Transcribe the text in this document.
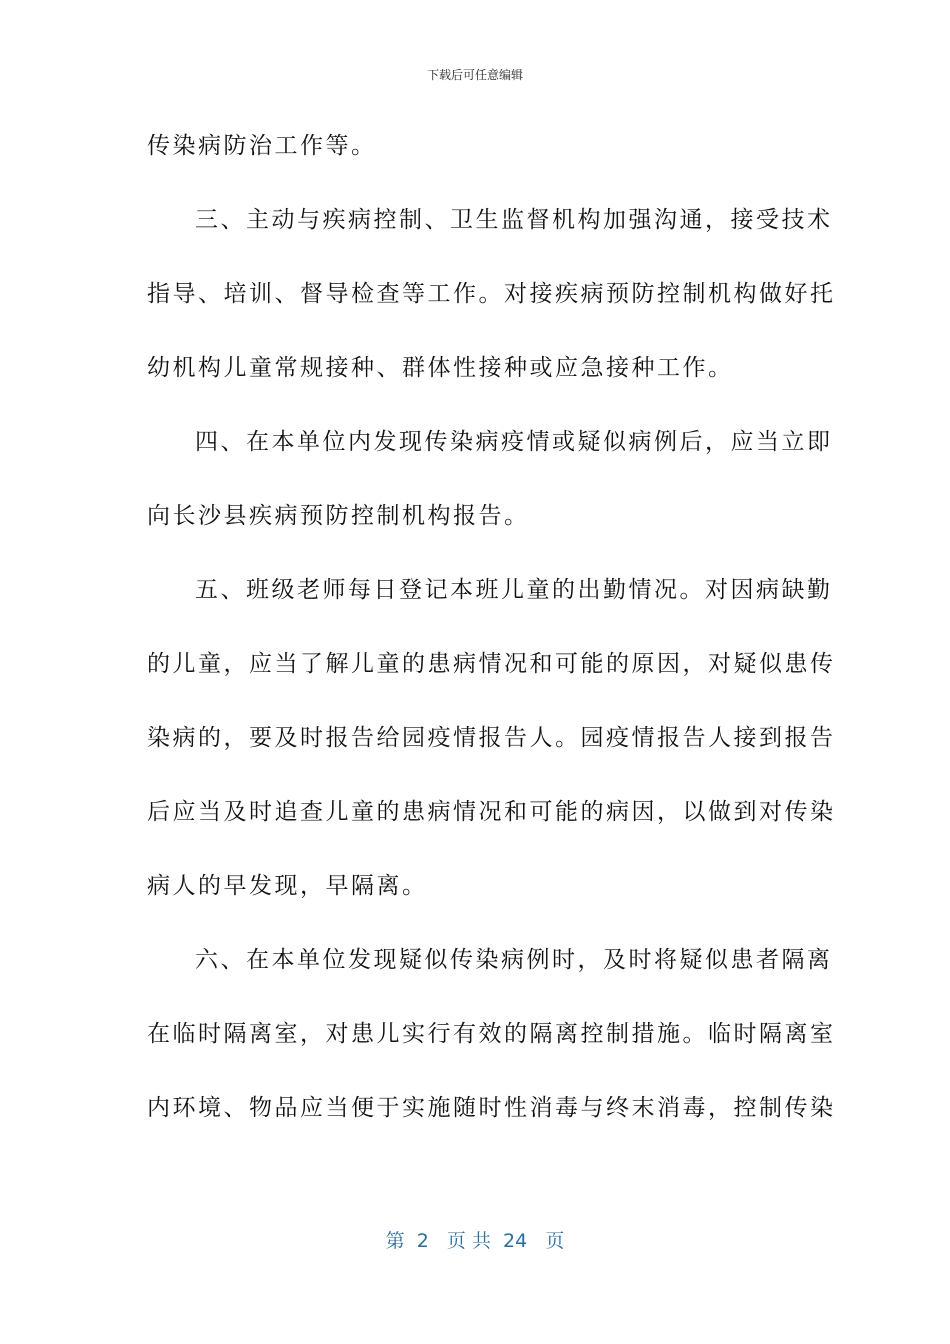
下载后可任意编辑
传染病防治工作等。
三、主动与疾病控制、卫生监督机构加强沟通，接受技术
指导、培训、督导检查等工作。对接疾病预防控制机构做好托
幼机构儿童常规接种、群体性接种或应急接种工作。
四、在本单位内发现传染病疫情或疑似病例后，应当立即
向长沙县疾病预防控制机构报告。
五、班级老师每日登记本班儿童的出勤情况。对因病缺勤
的儿童，应当了解儿童的患病情况和可能的原因，对疑似患传
染病的，要及时报告给园疫情报告人。园疫情报告人接到报告
后应当及时追查儿童的患病情况和可能的病因，以做到对传染
病人的早发现，早隔离。
六、在本单位发现疑似传染病例时，及时将疑似患者隔离
在临时隔离室，对患儿实行有效的隔离控制措施。临时隔离室
内环境、物品应当便于实施随时性消毒与终末消毒，控制传染
第  2   页 共  24   页
